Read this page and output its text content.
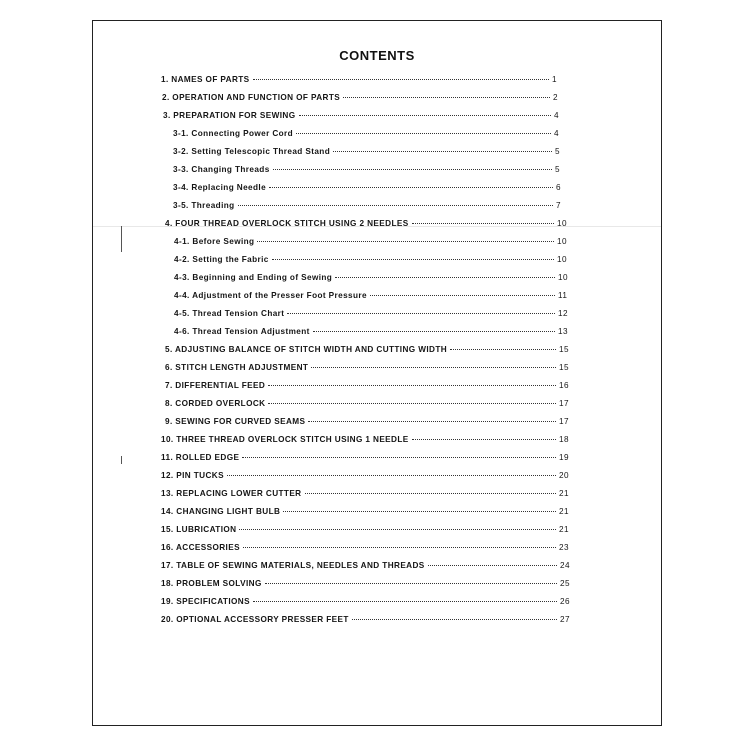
CONTENTS
1. NAMES OF PARTS	1
2. OPERATION AND FUNCTION OF PARTS	2
3. PREPARATION FOR SEWING	4
3-1. Connecting Power Cord	4
3-2. Setting Telescopic Thread Stand	5
3-3. Changing Threads	5
3-4. Replacing Needle	6
3-5. Threading	7
4. FOUR THREAD OVERLOCK STITCH USING 2 NEEDLES	10
4-1. Before Sewing	10
4-2. Setting the Fabric	10
4-3. Beginning and Ending of Sewing	10
4-4. Adjustment of the Presser Foot Pressure	11
4-5. Thread Tension Chart	12
4-6. Thread Tension Adjustment	13
5. ADJUSTING BALANCE OF STITCH WIDTH AND CUTTING WIDTH	15
6. STITCH LENGTH ADJUSTMENT	15
7. DIFFERENTIAL FEED	16
8. CORDED OVERLOCK	17
9. SEWING FOR CURVED SEAMS	17
10. THREE THREAD OVERLOCK STITCH USING 1 NEEDLE	18
11. ROLLED EDGE	19
12. PIN TUCKS	20
13. REPLACING LOWER CUTTER	21
14. CHANGING LIGHT BULB	21
15. LUBRICATION	21
16. ACCESSORIES	23
17. TABLE OF SEWING MATERIALS, NEEDLES AND THREADS	24
18. PROBLEM SOLVING	25
19. SPECIFICATIONS	26
20. OPTIONAL ACCESSORY PRESSER FEET	27
